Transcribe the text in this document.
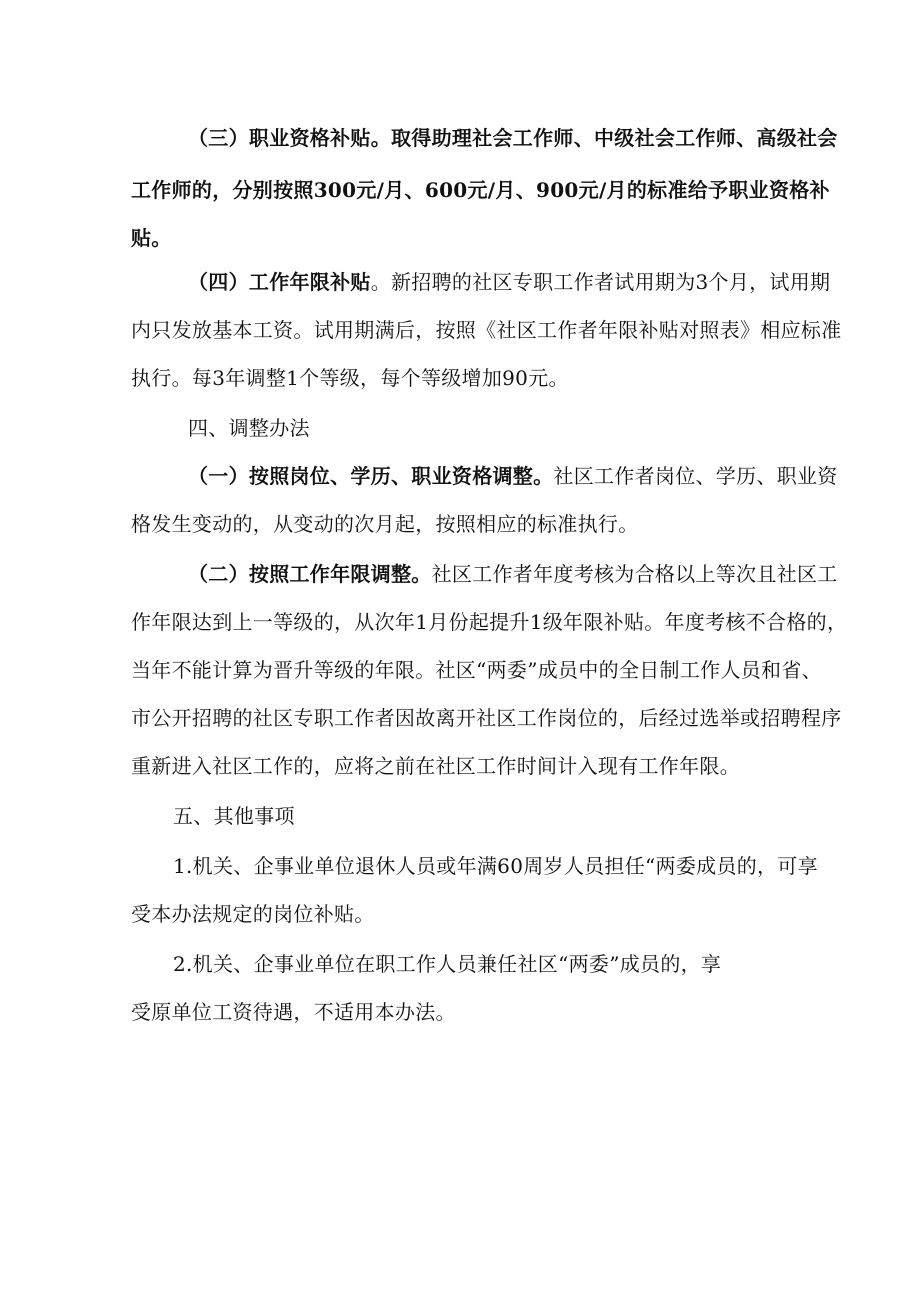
（三）职业资格补贴。取得助理社会工作师、中级社会工作师、高级社会
工作师的，分别按照300元/月、600元/月、900元/月的标准给予职业资格补
贴。
（四）工作年限补贴。新招聘的社区专职工作者试用期为3个月，试用期
内只发放基本工资。试用期满后，按照《社区工作者年限补贴对照表》相应标准
执行。每3年调整1个等级，每个等级增加90元。
四、调整办法
（一）按照岗位、学历、职业资格调整。社区工作者岗位、学历、职业资
格发生变动的，从变动的次月起，按照相应的标准执行。
（二）按照工作年限调整。社区工作者年度考核为合格以上等次且社区工
作年限达到上一等级的，从次年1月份起提升1级年限补贴。年度考核不合格的，
当年不能计算为晋升等级的年限。社区“两委”成员中的全日制工作人员和省、
市公开招聘的社区专职工作者因故离开社区工作岗位的，后经过选举或招聘程序
重新进入社区工作的，应将之前在社区工作时间计入现有工作年限。
五、其他事项
1.机关、企事业单位退休人员或年满60周岁人员担任“两委成员的，可享
受本办法规定的岗位补贴。
2.机关、企事业单位在职工作人员兼任社区“两委”成员的，享
受原单位工资待遇，不适用本办法。
